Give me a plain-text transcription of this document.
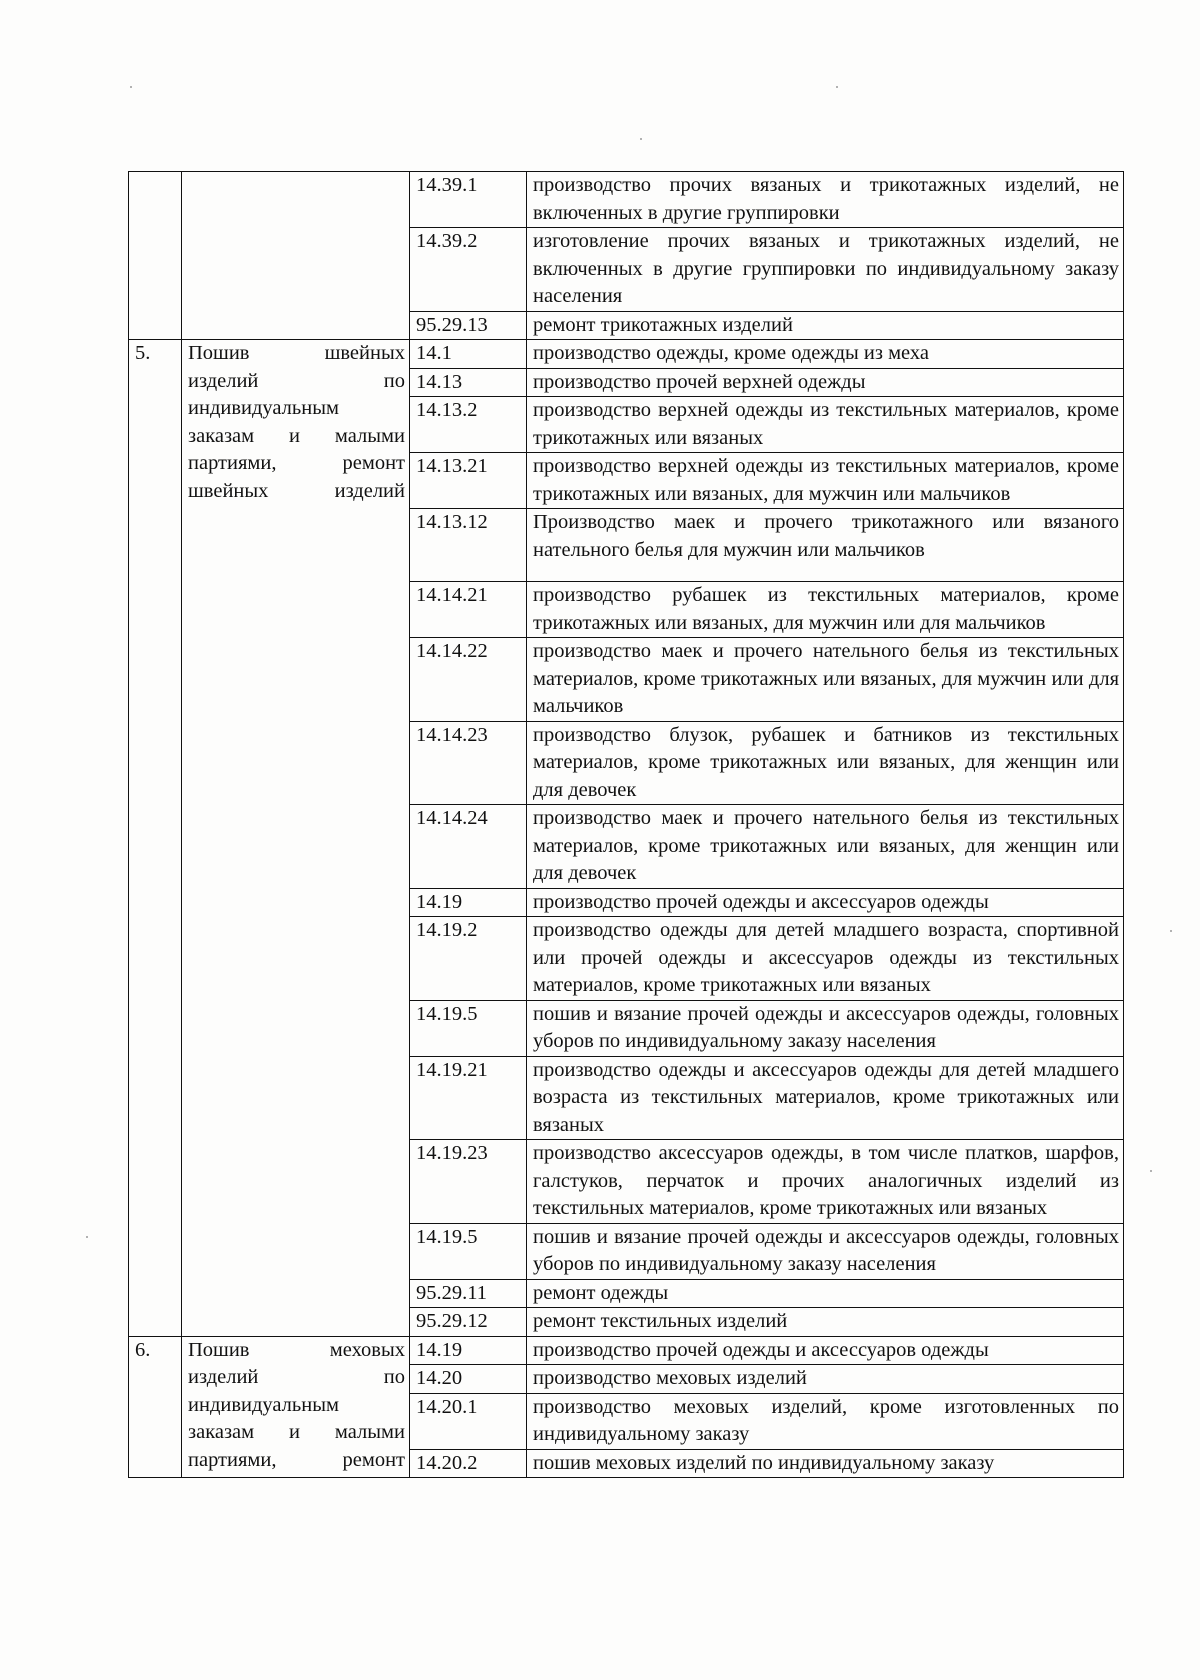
		14.39.1	производство прочих вязаных и трикотажных изделий, не включенных в другие группировки
		14.39.2	изготовление прочих вязаных и трикотажных изделий, не включенных в другие группировки по индивидуальному заказу населения
		95.29.13	ремонт трикотажных изделий
5.	Пошив швейных изделий по индивидуальным заказам и малыми партиями, ремонт швейных изделий	14.1	производство одежды, кроме одежды из меха
		14.13	производство прочей верхней одежды
		14.13.2	производство верхней одежды из текстильных материалов, кроме трикотажных или вязаных
		14.13.21	производство верхней одежды из текстильных материалов, кроме трикотажных или вязаных, для мужчин или мальчиков
		14.13.12	Производство маек и прочего трикотажного или вязаного нательного белья для мужчин или мальчиков
		14.14.21	производство рубашек из текстильных материалов, кроме трикотажных или вязаных, для мужчин или для мальчиков
		14.14.22	производство маек и прочего нательного белья из текстильных материалов, кроме трикотажных или вязаных, для мужчин или для мальчиков
		14.14.23	производство блузок, рубашек и батников из текстильных материалов, кроме трикотажных или вязаных, для женщин или для девочек
		14.14.24	производство маек и прочего нательного белья из текстильных материалов, кроме трикотажных или вязаных, для женщин или для девочек
		14.19	производство прочей одежды и аксессуаров одежды
		14.19.2	производство одежды для детей младшего возраста, спортивной или прочей одежды и аксессуаров одежды из текстильных материалов, кроме трикотажных или вязаных
		14.19.5	пошив и вязание прочей одежды и аксессуаров одежды, головных уборов по индивидуальному заказу населения
		14.19.21	производство одежды и аксессуаров одежды для детей младшего возраста из текстильных материалов, кроме трикотажных или вязаных
		14.19.23	производство аксессуаров одежды, в том числе платков, шарфов, галстуков, перчаток и прочих аналогичных изделий из текстильных материалов, кроме трикотажных или вязаных
		14.19.5	пошив и вязание прочей одежды и аксессуаров одежды, головных уборов по индивидуальному заказу населения
		95.29.11	ремонт одежды
		95.29.12	ремонт текстильных изделий
6.	Пошив меховых изделий по индивидуальным заказам и малыми партиями, ремонт	14.19	производство прочей одежды и аксессуаров одежды
		14.20	производство меховых изделий
		14.20.1	производство меховых изделий, кроме изготовленных по индивидуальному заказу
		14.20.2	пошив меховых изделий по индивидуальному заказу
